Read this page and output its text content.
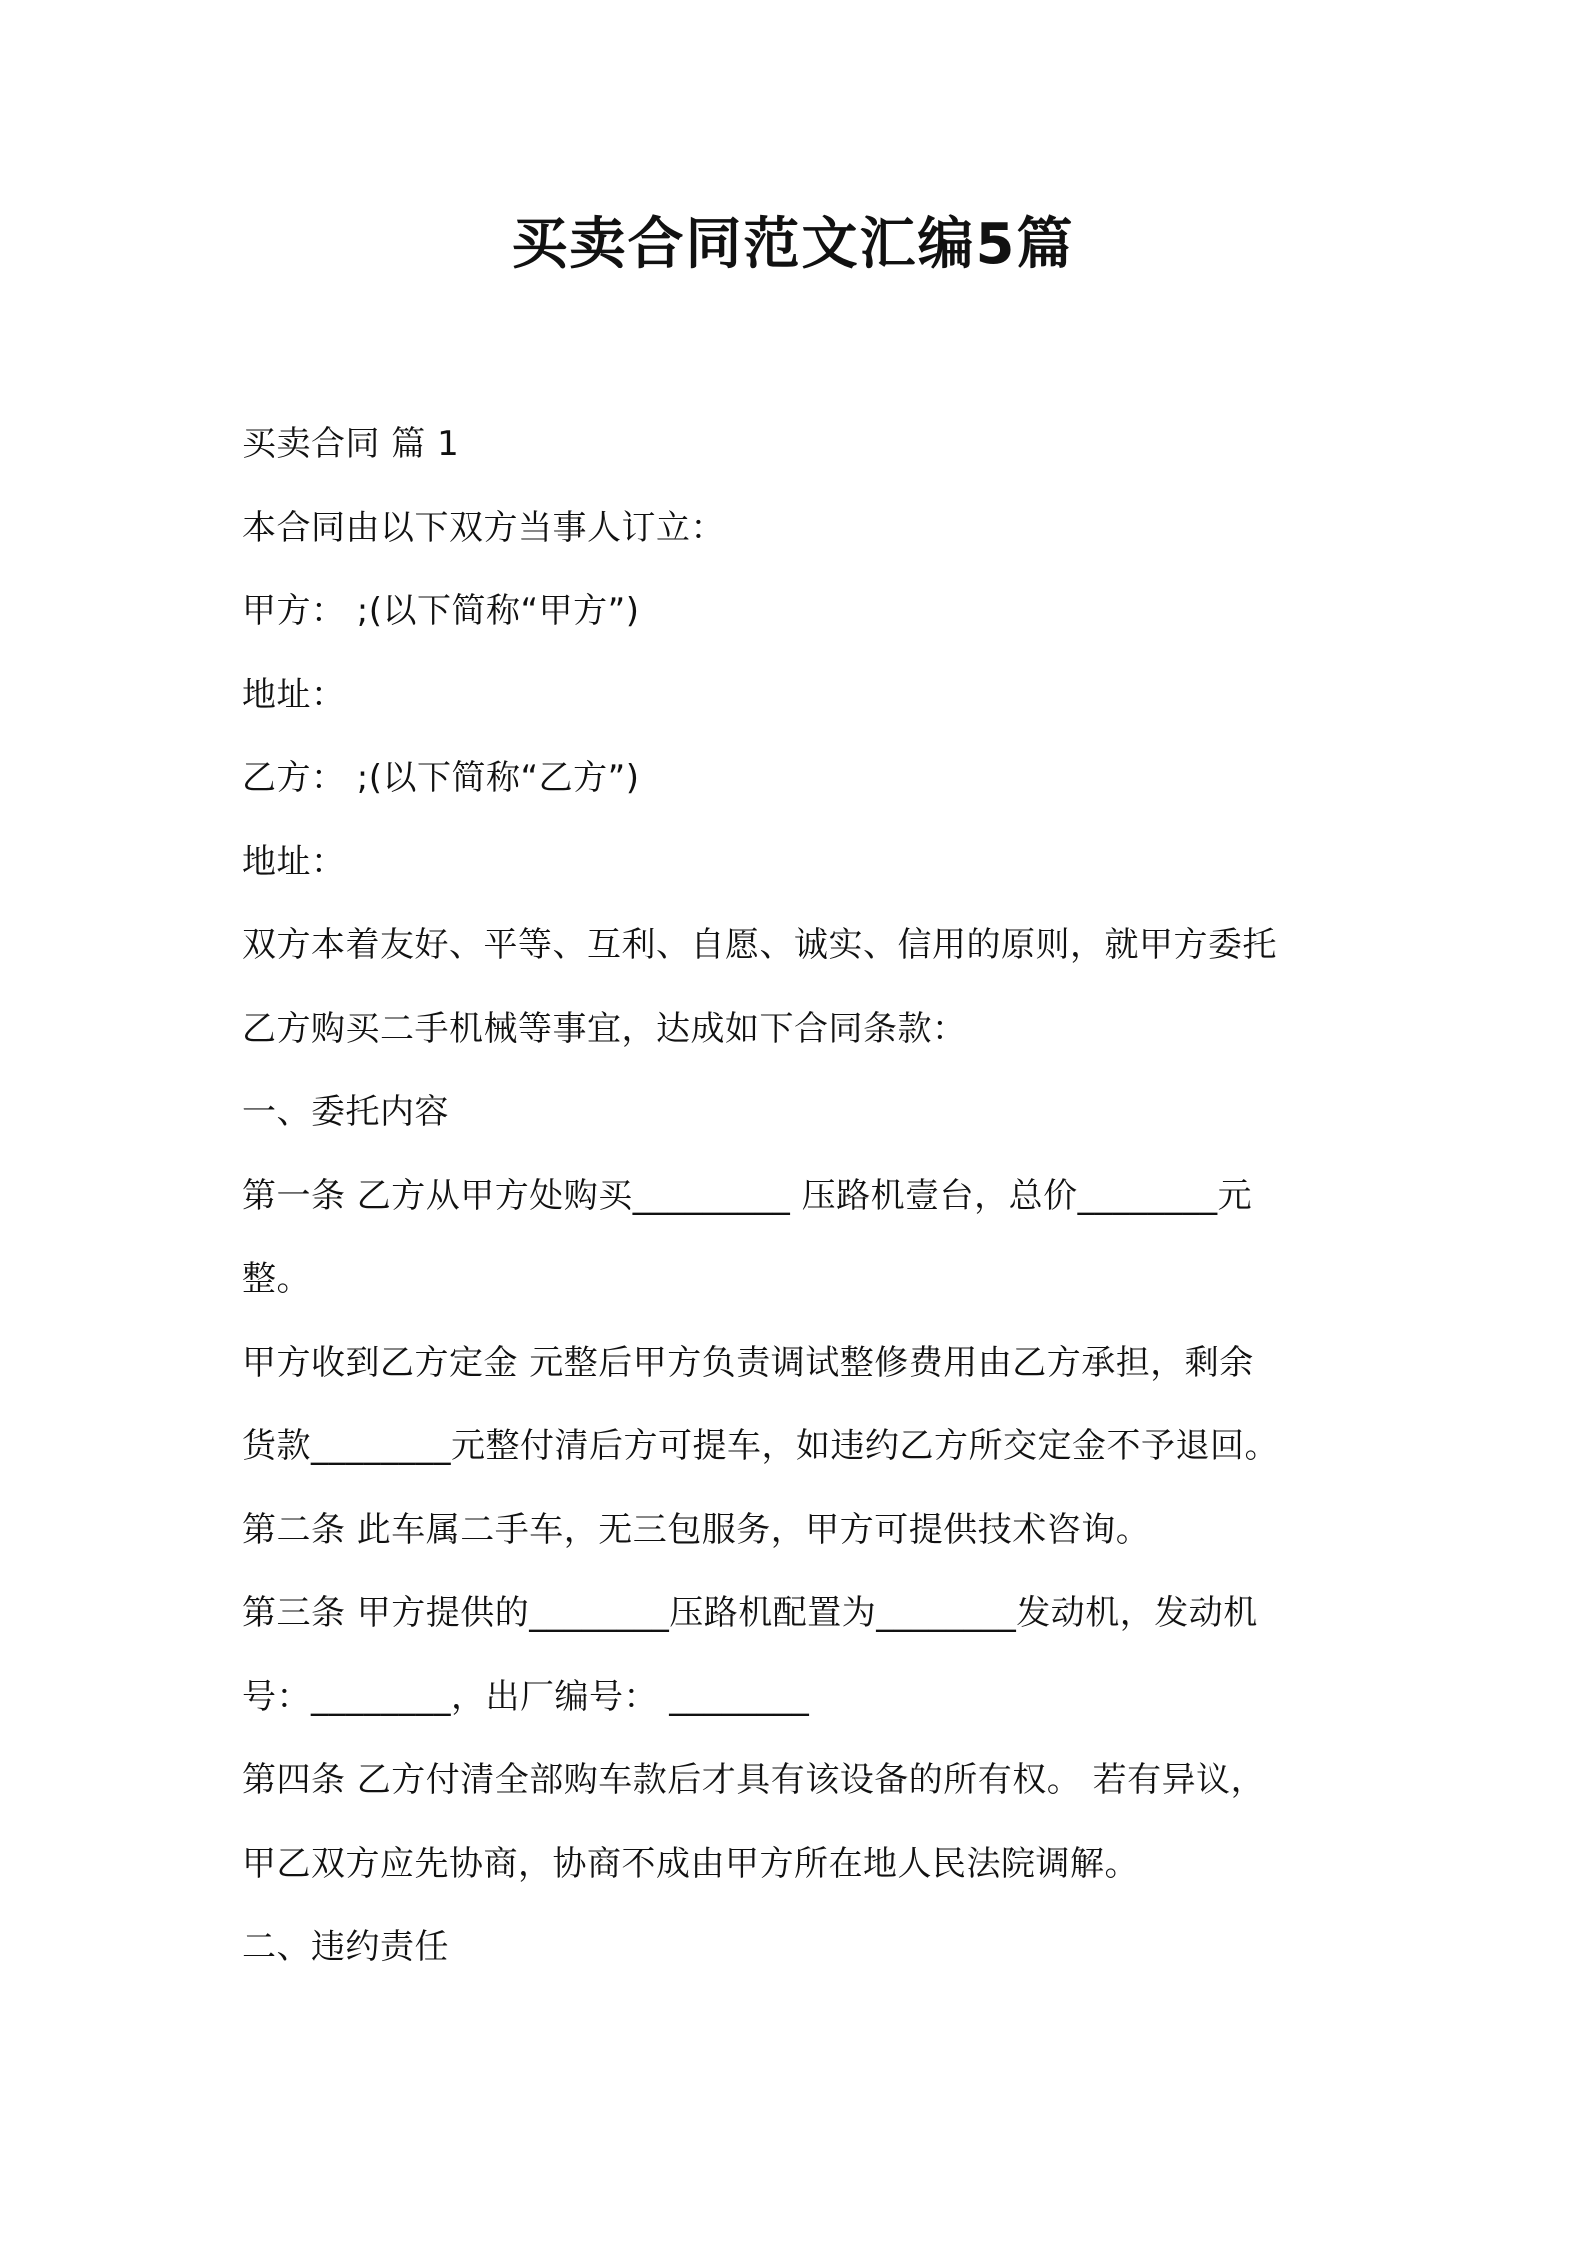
买卖合同范文汇编5篇
买卖合同 篇 1
本合同由以下双方当事人订立：
甲方： ;(以下简称“甲方”)
地址：
乙方： ;(以下简称“乙方”)
地址：
双方本着友好、平等、互利、自愿、诚实、信用的原则，就甲方委托
乙方购买二手机械等事宜，达成如下合同条款：
一、委托内容
第一条 乙方从甲方处购买_________ 压路机壹台，总价________元
整。
甲方收到乙方定金 元整后甲方负责调试整修费用由乙方承担，剩余
货款________元整付清后方可提车，如违约乙方所交定金不予退回。
第二条 此车属二手车，无三包服务，甲方可提供技术咨询。
第三条 甲方提供的________压路机配置为________发动机，发动机
号：________，出厂编号： ________
第四条 乙方付清全部购车款后才具有该设备的所有权。 若有异议，
甲乙双方应先协商，协商不成由甲方所在地人民法院调解。
二、违约责任
